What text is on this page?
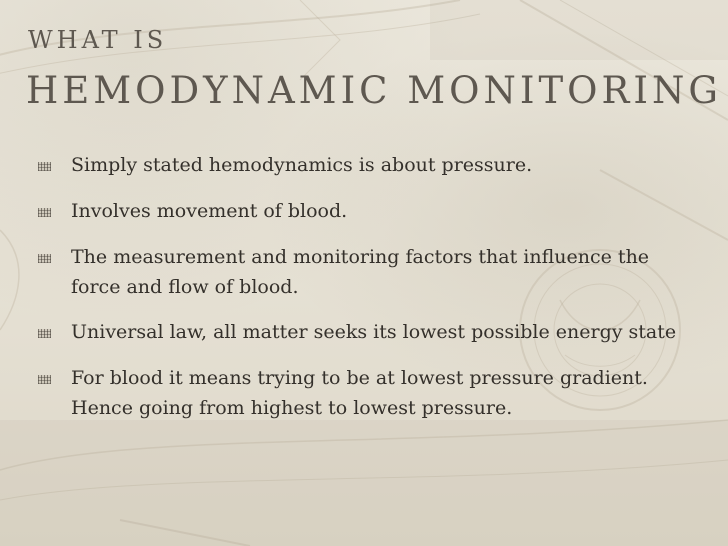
WHAT IS
HEMODYNAMIC MONITORING
Simply stated hemodynamics is about pressure.
Involves movement of blood.
The measurement and monitoring factors that influence the force and flow of blood.
Universal law, all matter seeks its lowest possible energy state
For blood it means trying to be at lowest pressure gradient. Hence going from highest to lowest pressure.
